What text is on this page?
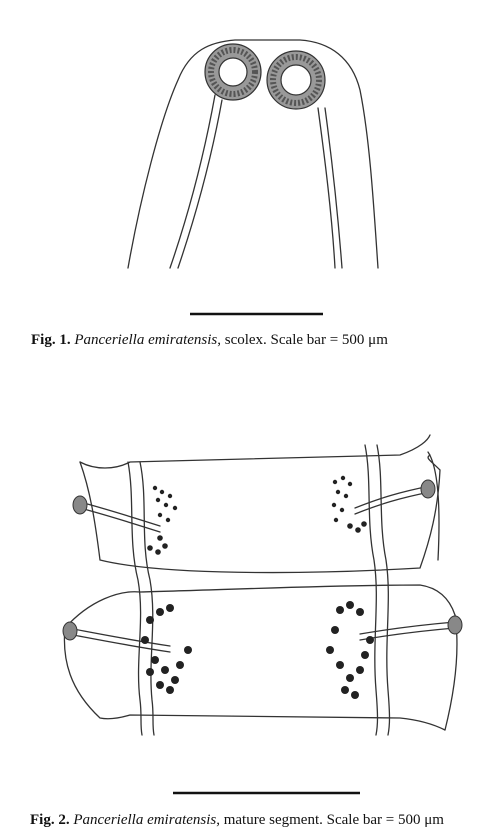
Fig. 1. Panceriella emiratensis, scolex. Scale bar = 500 μm
Fig. 2. Panceriella emiratensis, mature segment. Scale bar = 500 μm
